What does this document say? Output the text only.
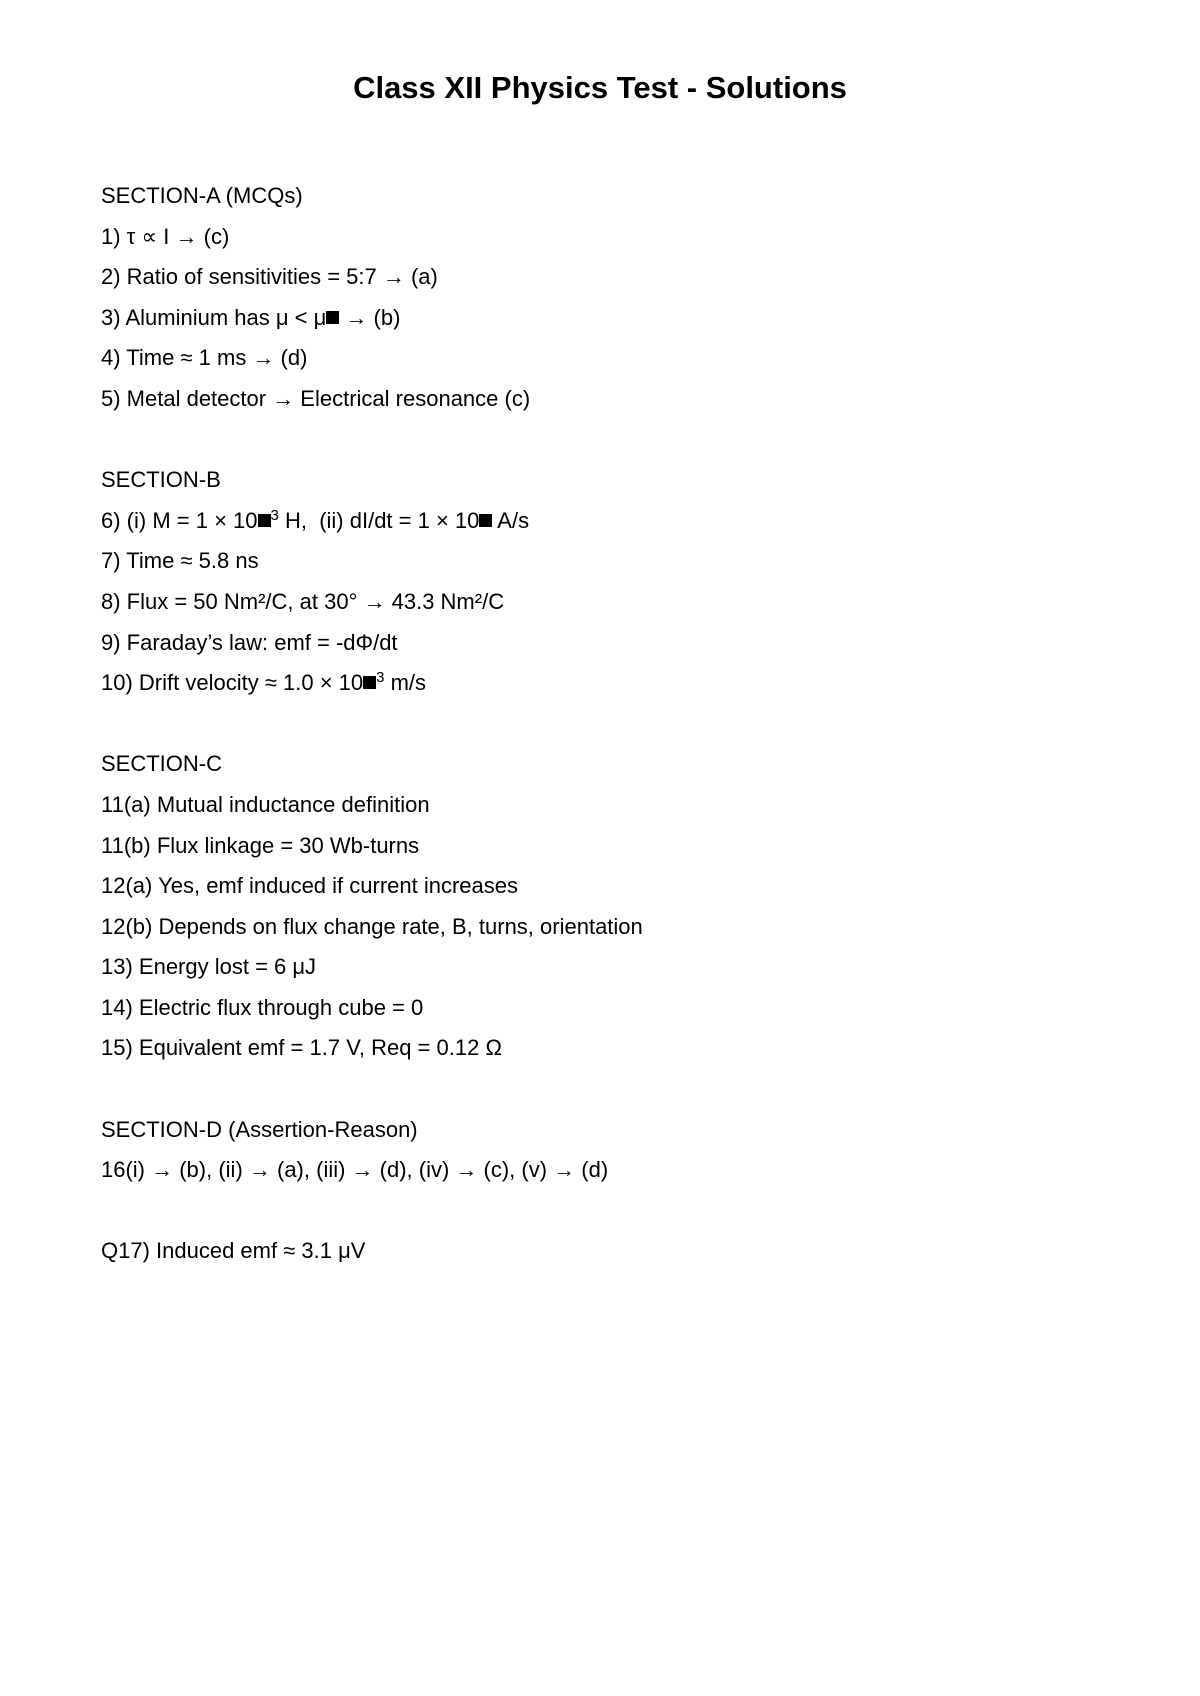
Class XII Physics Test - Solutions
SECTION-A (MCQs)
1) τ ∝ I → (c)
2) Ratio of sensitivities = 5:7 → (a)
3) Aluminium has μ < μ → (b)
4) Time ≈ 1 ms → (d)
5) Metal detector → Electrical resonance (c)
SECTION-B
6) (i) M = 1 × 10 $^3$ H,  (ii) dI/dt = 1 × 10 A/s
7) Time ≈ 5.8 ns
8) Flux = 50 Nm²/C, at 30° → 43.3 Nm²/C
9) Faraday’s law: emf = -dΦ/dt
10) Drift velocity ≈ 1.0 × 10 $^3$ m/s
SECTION-C
11(a) Mutual inductance definition
11(b) Flux linkage = 30 Wb-turns
12(a) Yes, emf induced if current increases
12(b) Depends on flux change rate, B, turns, orientation
13) Energy lost = 6 μJ
14) Electric flux through cube = 0
15) Equivalent emf = 1.7 V, Req = 0.12 Ω
SECTION-D (Assertion-Reason)
16(i) → (b), (ii) → (a), (iii) → (d), (iv) → (c), (v) → (d)
Q17) Induced emf ≈ 3.1 μV
